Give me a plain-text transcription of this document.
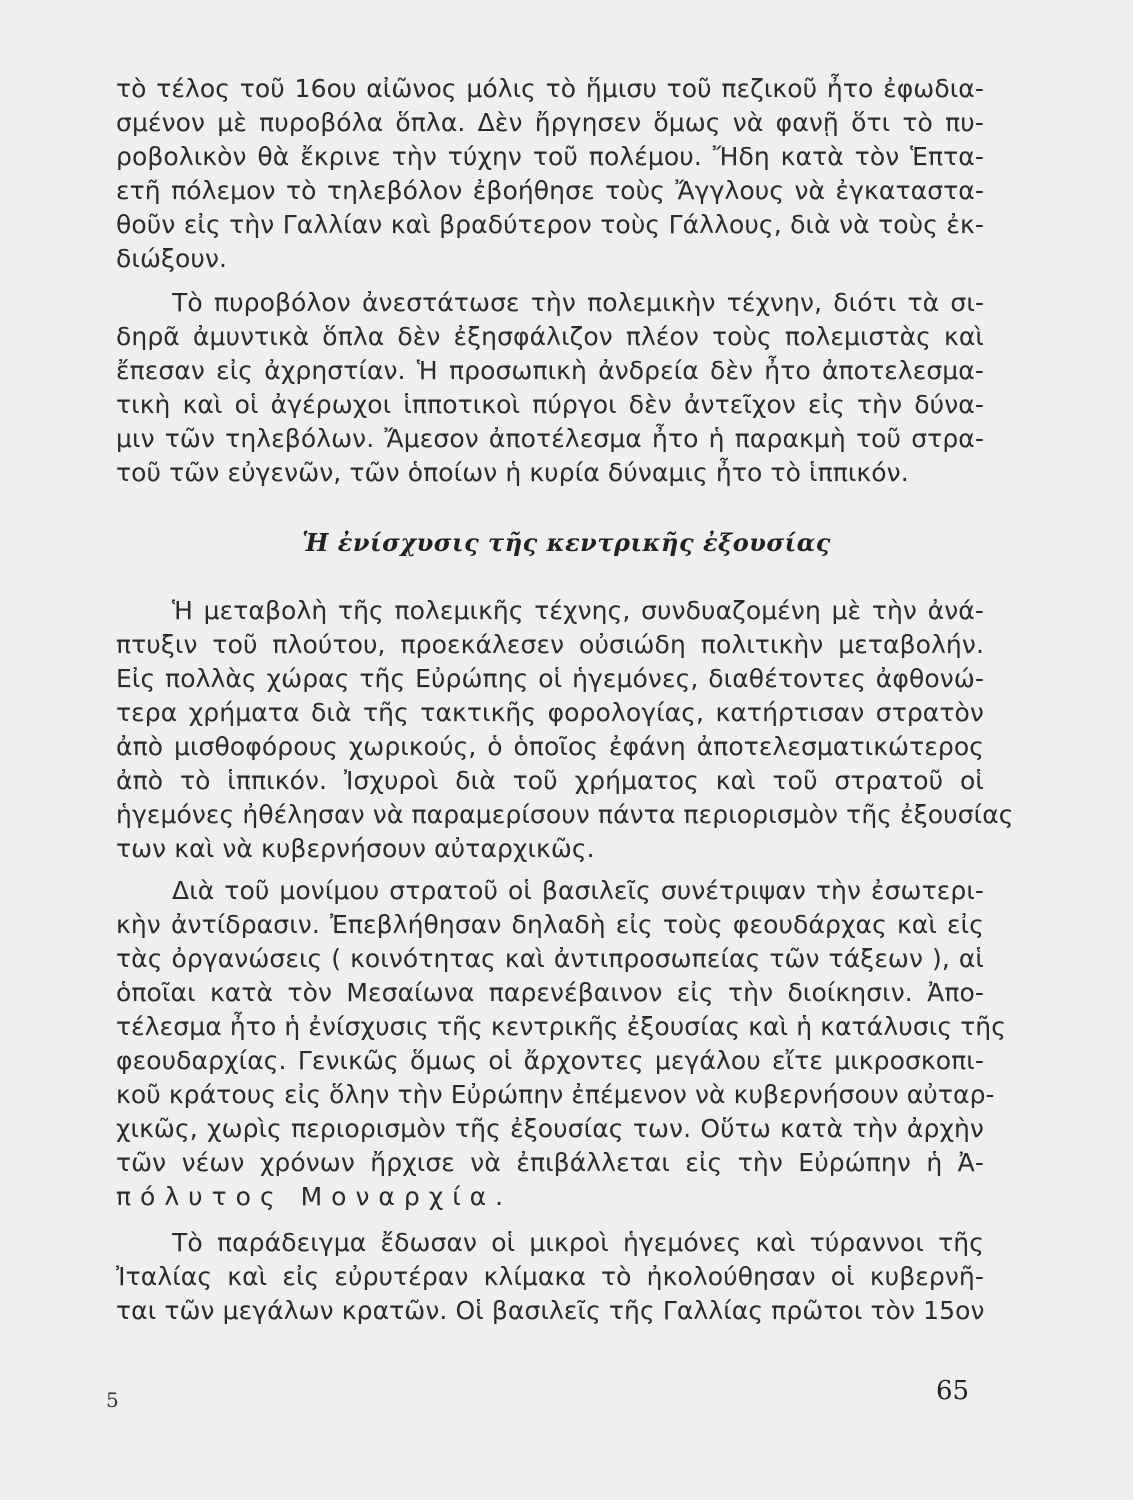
τὸ τέλος τοῦ 16ου αἰῶνος μόλις τὸ ἥμισυ τοῦ πεζικοῦ ἦτο ἐφωδια-
σμένον μὲ πυροβόλα ὅπλα. Δὲν ἤργησεν ὅμως νὰ φανῇ ὅτι τὸ πυ-
ροβολικὸν θὰ ἔκρινε τὴν τύχην τοῦ πολέμου. Ἤδη κατὰ τὸν Ἑπτα-
ετῆ πόλεμον τὸ τηλεβόλον ἐβοήθησε τοὺς Ἄγγλους νὰ ἐγκαταστα-
θοῦν εἰς τὴν Γαλλίαν καὶ βραδύτερον τοὺς Γάλλους, διὰ νὰ τοὺς ἐκ-
διώξουν.
Τὸ πυροβόλον ἀνεστάτωσε τὴν πολεμικὴν τέχνην, διότι τὰ σι-
δηρᾶ ἀμυντικὰ ὅπλα δὲν ἐξησφάλιζον πλέον τοὺς πολεμιστὰς καὶ
ἔπεσαν εἰς ἀχρηστίαν. Ἡ προσωπικὴ ἀνδρεία δὲν ἦτο ἀποτελεσμα-
τικὴ καὶ οἱ ἀγέρωχοι ἱπποτικοὶ πύργοι δὲν ἀντεῖχον εἰς τὴν δύνα-
μιν τῶν τηλεβόλων. Ἄμεσον ἀποτέλεσμα ἦτο ἡ παρακμὴ τοῦ στρα-
τοῦ τῶν εὐγενῶν, τῶν ὁποίων ἡ κυρία δύναμις ἦτο τὸ ἱππικόν.
Ἡ ἐνίσχυσις τῆς κεντρικῆς ἐξουσίας
Ἡ μεταβολὴ τῆς πολεμικῆς τέχνης, συνδυαζομένη μὲ τὴν ἀνά-
πτυξιν τοῦ πλούτου, προεκάλεσεν οὐσιώδη πολιτικὴν μεταβολήν.
Εἰς πολλὰς χώρας τῆς Εὐρώπης οἱ ἡγεμόνες, διαθέτοντες ἀφθονώ-
τερα χρήματα διὰ τῆς τακτικῆς φορολογίας, κατήρτισαν στρατὸν
ἀπὸ μισθοφόρους χωρικούς, ὁ ὁποῖος ἐφάνη ἀποτελεσματικώτερος
ἀπὸ τὸ ἱππικόν. Ἰσχυροὶ διὰ τοῦ χρήματος καὶ τοῦ στρατοῦ οἱ
ἡγεμόνες ἠθέλησαν νὰ παραμερίσουν πάντα περιορισμὸν τῆς ἐξουσίας
των καὶ νὰ κυβερνήσουν αὐταρχικῶς.
Διὰ τοῦ μονίμου στρατοῦ οἱ βασιλεῖς συνέτριψαν τὴν ἐσωτερι-
κὴν ἀντίδρασιν. Ἐπεβλήθησαν δηλαδὴ εἰς τοὺς φεουδάρχας καὶ εἰς
τὰς ὀργανώσεις ( κοινότητας καὶ ἀντιπροσωπείας τῶν τάξεων ), αἱ
ὁποῖαι κατὰ τὸν Μεσαίωνα παρενέβαινον εἰς τὴν διοίκησιν. Ἀπο-
τέλεσμα ἦτο ἡ ἐνίσχυσις τῆς κεντρικῆς ἐξουσίας καὶ ἡ κατάλυσις τῆς
φεουδαρχίας. Γενικῶς ὅμως οἱ ἄρχοντες μεγάλου εἴτε μικροσκοπι-
κοῦ κράτους εἰς ὅλην τὴν Εὐρώπην ἐπέμενον νὰ κυβερνήσουν αὐταρ-
χικῶς, χωρὶς περιορισμὸν τῆς ἐξουσίας των. Οὕτω κατὰ τὴν ἀρχὴν
τῶν νέων χρόνων ἤρχισε νὰ ἐπιβάλλεται εἰς τὴν Εὐρώπην ἡ Ἀ-
πόλυτος Μοναρχία.
Τὸ παράδειγμα ἔδωσαν οἱ μικροὶ ἡγεμόνες καὶ τύραννοι τῆς
Ἰταλίας καὶ εἰς εὐρυτέραν κλίμακα τὸ ἠκολούθησαν οἱ κυβερνῆ-
ται τῶν μεγάλων κρατῶν. Οἱ βασιλεῖς τῆς Γαλλίας πρῶτοι τὸν 15ον
5	65
